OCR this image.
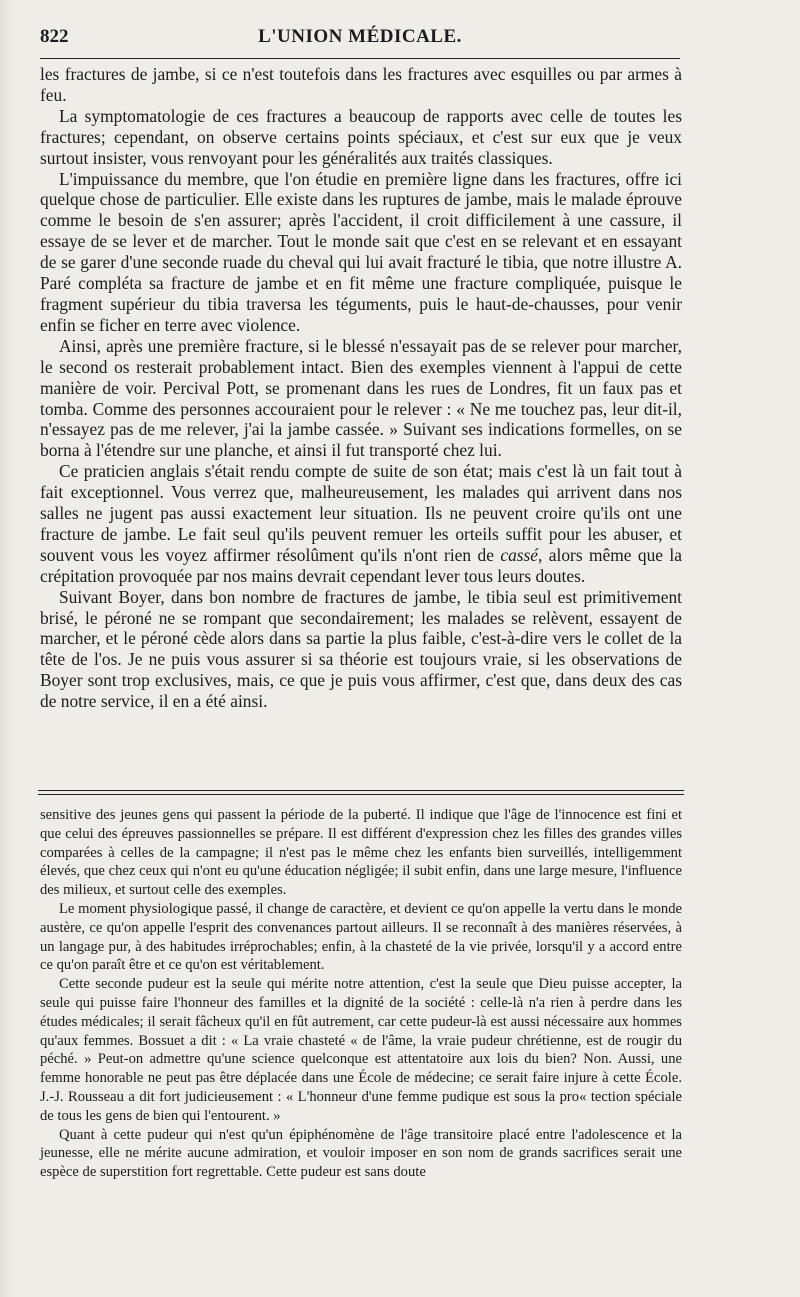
822	L'UNION MÉDICALE.

les fractures de jambe, si ce n'est toutefois dans les fractures avec esquilles ou par armes à feu.

La symptomatologie de ces fractures a beaucoup de rapports avec celle de toutes les fractures; cependant, on observe certains points spéciaux, et c'est sur eux que je veux surtout insister, vous renvoyant pour les généralités aux traités classiques.

L'impuissance du membre, que l'on étudie en première ligne dans les fractures, offre ici quelque chose de particulier. Elle existe dans les ruptures de jambe, mais le malade éprouve comme le besoin de s'en assurer; après l'accident, il croit difficilement à une cassure, il essaye de se lever et de marcher. Tout le monde sait que c'est en se relevant et en essayant de se garer d'une seconde ruade du cheval qui lui avait fracturé le tibia, que notre illustre A. Paré compléta sa fracture de jambe et en fit même une fracture compliquée, puisque le fragment supérieur du tibia traversa les téguments, puis le haut-de-chausses, pour venir enfin se ficher en terre avec violence.

Ainsi, après une première fracture, si le blessé n'essayait pas de se relever pour marcher, le second os resterait probablement intact. Bien des exemples viennent à l'appui de cette manière de voir. Percival Pott, se promenant dans les rues de Londres, fit un faux pas et tomba. Comme des personnes accouraient pour le relever : « Ne me touchez pas, leur dit-il, n'essayez pas de me relever, j'ai la jambe cassée. » Suivant ses indications formelles, on se borna à l'étendre sur une planche, et ainsi il fut transporté chez lui.

Ce praticien anglais s'était rendu compte de suite de son état; mais c'est là un fait tout à fait exceptionnel. Vous verrez que, malheureusement, les malades qui arrivent dans nos salles ne jugent pas aussi exactement leur situation. Ils ne peuvent croire qu'ils ont une fracture de jambe. Le fait seul qu'ils peuvent remuer les orteils suffit pour les abuser, et souvent vous les voyez affirmer résolûment qu'ils n'ont rien de cassé, alors même que la crépitation provoquée par nos mains devrait cependant lever tous leurs doutes.

Suivant Boyer, dans bon nombre de fractures de jambe, le tibia seul est primitivement brisé, le péroné ne se rompant que secondairement; les malades se relèvent, essayent de marcher, et le péroné cède alors dans sa partie la plus faible, c'est-à-dire vers le collet de la tête de l'os. Je ne puis vous assurer si sa théorie est toujours vraie, si les observations de Boyer sont trop exclusives, mais, ce que je puis vous affirmer, c'est que, dans deux des cas de notre service, il en a été ainsi.

sensitive des jeunes gens qui passent la période de la puberté. Il indique que l'âge de l'innocence est fini et que celui des épreuves passionnelles se prépare. Il est différent d'expression chez les filles des grandes villes comparées à celles de la campagne; il n'est pas le même chez les enfants bien surveillés, intelligemment élevés, que chez ceux qui n'ont eu qu'une éducation négligée; il subit enfin, dans une large mesure, l'influence des milieux, et surtout celle des exemples.

Le moment physiologique passé, il change de caractère, et devient ce qu'on appelle la vertu dans le monde austère, ce qu'on appelle l'esprit des convenances partout ailleurs. Il se reconnaît à des manières réservées, à un langage pur, à des habitudes irréprochables; enfin, à la chasteté de la vie privée, lorsqu'il y a accord entre ce qu'on paraît être et ce qu'on est véritablement.

Cette seconde pudeur est la seule qui mérite notre attention, c'est la seule que Dieu puisse accepter, la seule qui puisse faire l'honneur des familles et la dignité de la société : celle-là n'a rien à perdre dans les études médicales; il serait fâcheux qu'il en fût autrement, car cette pudeur-là est aussi nécessaire aux hommes qu'aux femmes. Bossuet a dit : « La vraie chasteté « de l'âme, la vraie pudeur chrétienne, est de rougir du péché. » Peut-on admettre qu'une science quelconque est attentatoire aux lois du bien? Non. Aussi, une femme honorable ne peut pas être déplacée dans une École de médecine; ce serait faire injure à cette École. J.-J. Rousseau a dit fort judicieusement : « L'honneur d'une femme pudique est sous la pro« tection spéciale de tous les gens de bien qui l'entourent. »

Quant à cette pudeur qui n'est qu'un épiphénomène de l'âge transitoire placé entre l'adolescence et la jeunesse, elle ne mérite aucune admiration, et vouloir imposer en son nom de grands sacrifices serait une espèce de superstition fort regrettable. Cette pudeur est sans doute
